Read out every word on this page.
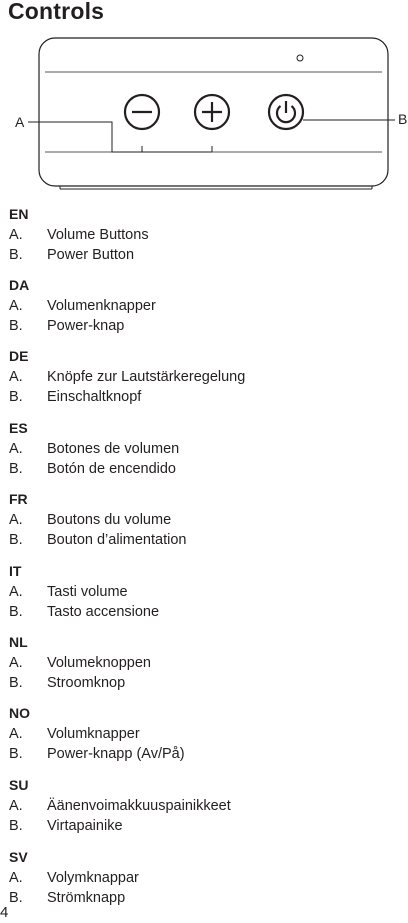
Controls
A	B
EN
A. Volume Buttons
B. Power Button
DA
A. Volumenknapper
B. Power-knap
DE
A. Knöpfe zur Lautstärkeregelung
B. Einschaltknopf
ES
A. Botones de volumen
B. Botón de encendido
FR
A. Boutons du volume
B. Bouton d’alimentation
IT
A. Tasti volume
B. Tasto accensione
NL
A. Volumeknoppen
B. Stroomknop
NO
A. Volumknapper
B. Power-knapp (Av/På)
SU
A. Äänenvoimakkuuspainikkeet
B. Virtapainike
SV
A. Volymknappar
B. Strömknapp
4
